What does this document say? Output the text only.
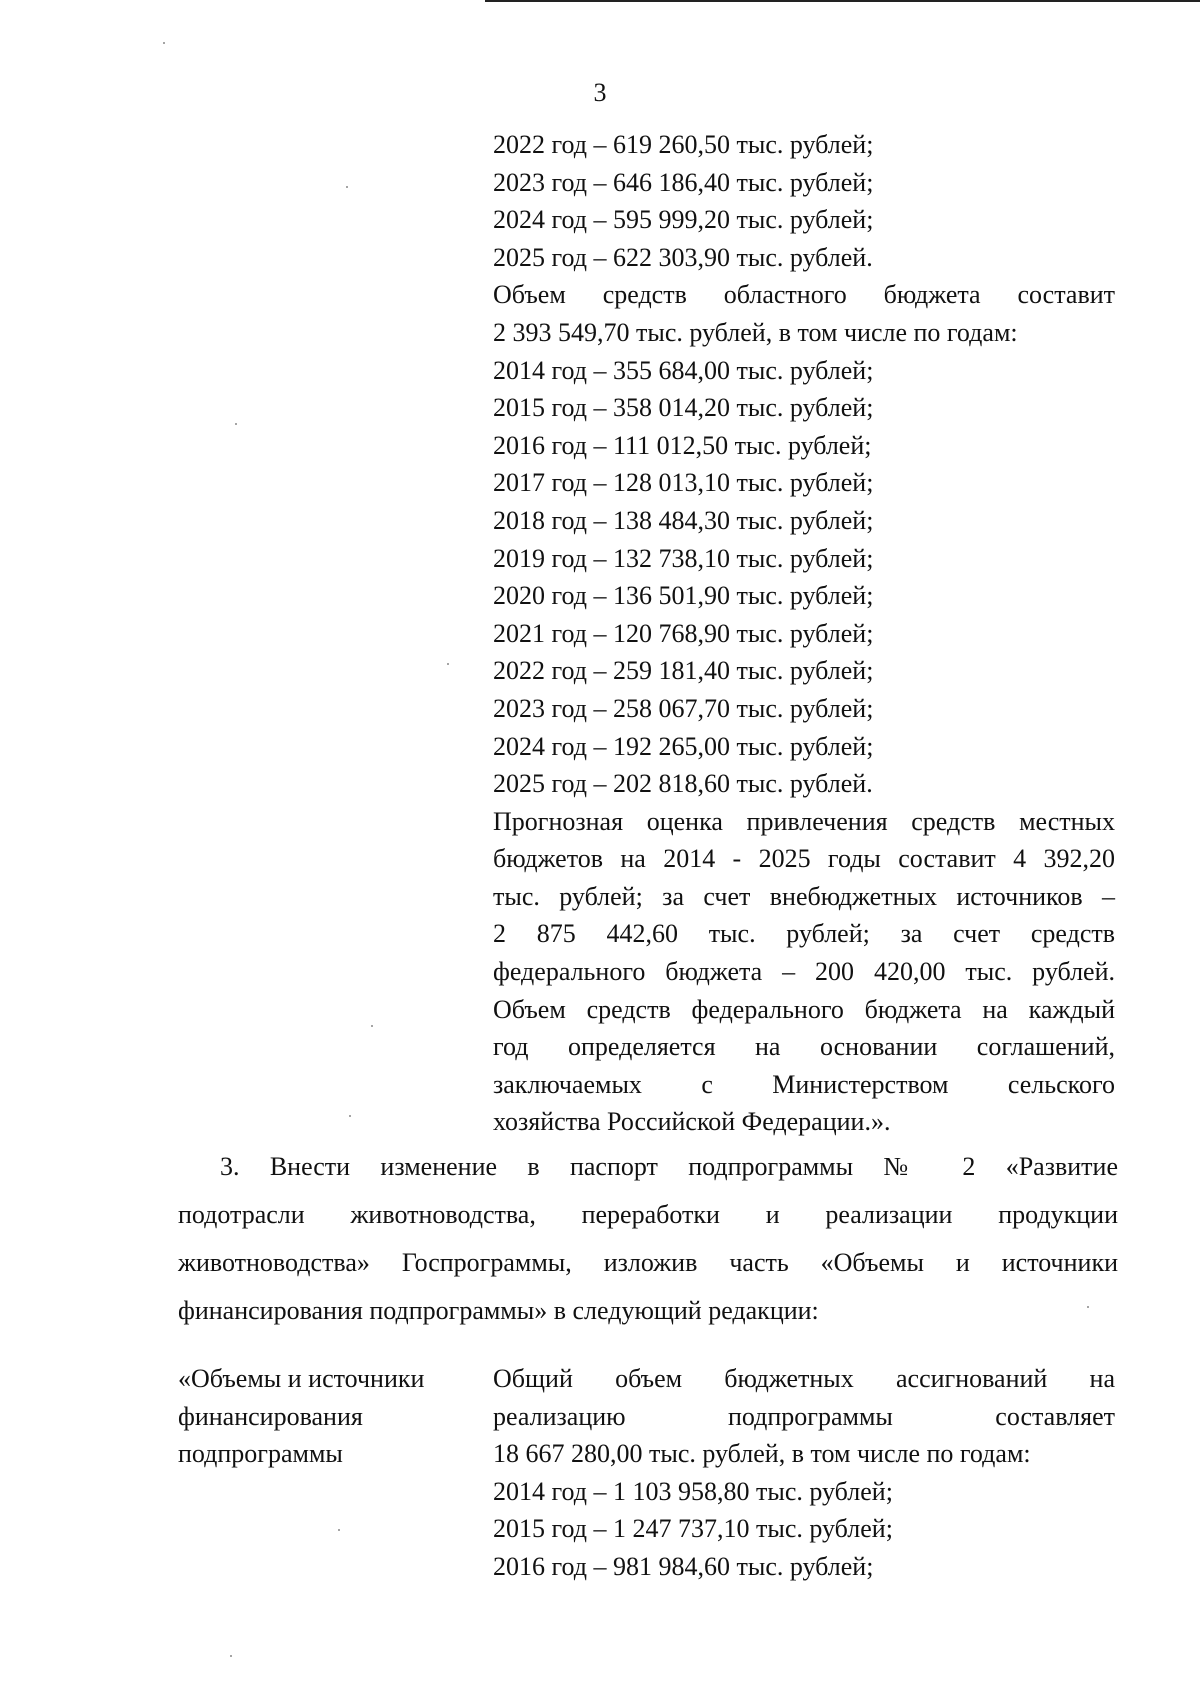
3
2022 год – 619 260,50 тыс. рублей;
2023 год – 646 186,40 тыс. рублей;
2024 год – 595 999,20 тыс. рублей;
2025 год – 622 303,90 тыс. рублей.
Объем средств областного бюджета составит
2 393 549,70 тыс. рублей, в том числе по годам:
2014 год – 355 684,00 тыс. рублей;
2015 год – 358 014,20 тыс. рублей;
2016 год – 111 012,50 тыс. рублей;
2017 год – 128 013,10 тыс. рублей;
2018 год – 138 484,30 тыс. рублей;
2019 год – 132 738,10 тыс. рублей;
2020 год – 136 501,90 тыс. рублей;
2021 год – 120 768,90 тыс. рублей;
2022 год – 259 181,40 тыс. рублей;
2023 год – 258 067,70 тыс. рублей;
2024 год – 192 265,00 тыс. рублей;
2025 год – 202 818,60 тыс. рублей.
Прогнозная оценка привлечения средств местных
бюджетов на 2014 - 2025 годы составит 4 392,20
тыс. рублей; за счет внебюджетных источников –
2 875 442,60 тыс. рублей; за счет средств
федерального бюджета – 200 420,00 тыс. рублей.
Объем средств федерального бюджета на каждый
год определяется на основании соглашений,
заключаемых с Министерством сельского
хозяйства Российской Федерации.».
3. Внести изменение в паспорт подпрограммы № 2 «Развитие
подотрасли животноводства, переработки и реализации продукции
животноводства» Госпрограммы, изложив часть «Объемы и источники
финансирования подпрограммы» в следующий редакции:
«Объемы и источники
финансирования
подпрограммы
Общий объем бюджетных ассигнований на
реализацию подпрограммы составляет
18 667 280,00 тыс. рублей, в том числе по годам:
2014 год – 1 103 958,80 тыс. рублей;
2015 год – 1 247 737,10 тыс. рублей;
2016 год – 981 984,60 тыс. рублей;
